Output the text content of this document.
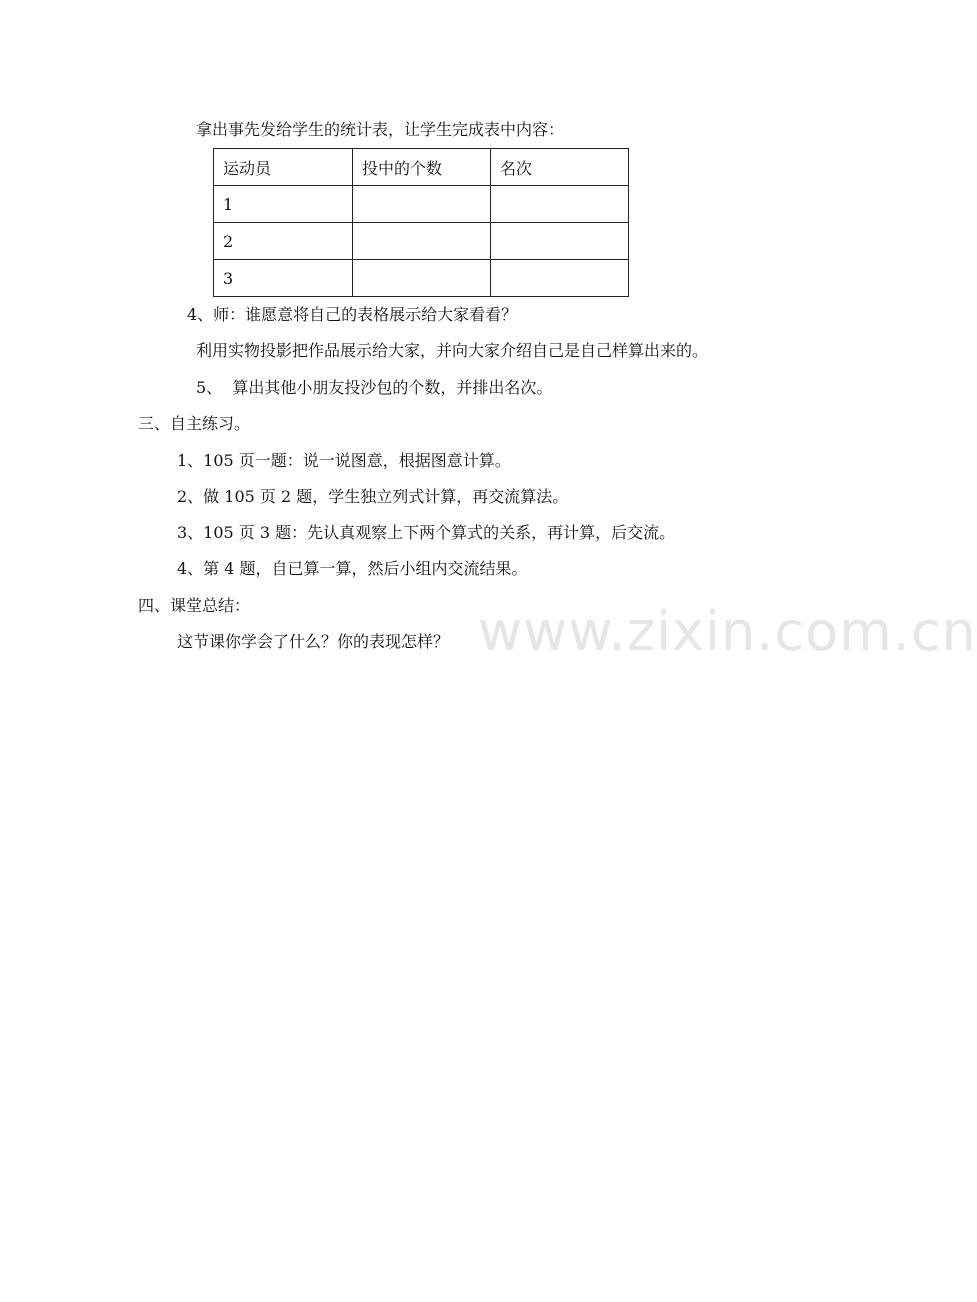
拿出事先发给学生的统计表，让学生完成表中内容：
运动员	投中的个数	名次
1		
2		
3		
4、师：谁愿意将自己的表格展示给大家看看？
利用实物投影把作品展示给大家，并向大家介绍自己是自己样算出来的。
5、  算出其他小朋友投沙包的个数，并排出名次。
三、自主练习。
1、105 页一题：说一说图意，根据图意计算。
2、做 105 页 2 题，学生独立列式计算，再交流算法。
3、105 页 3 题：先认真观察上下两个算式的关系，再计算，后交流。
4、第 4 题，自已算一算，然后小组内交流结果。
四、课堂总结：
这节课你学会了什么？你的表现怎样？ www.zixin.com.cn
